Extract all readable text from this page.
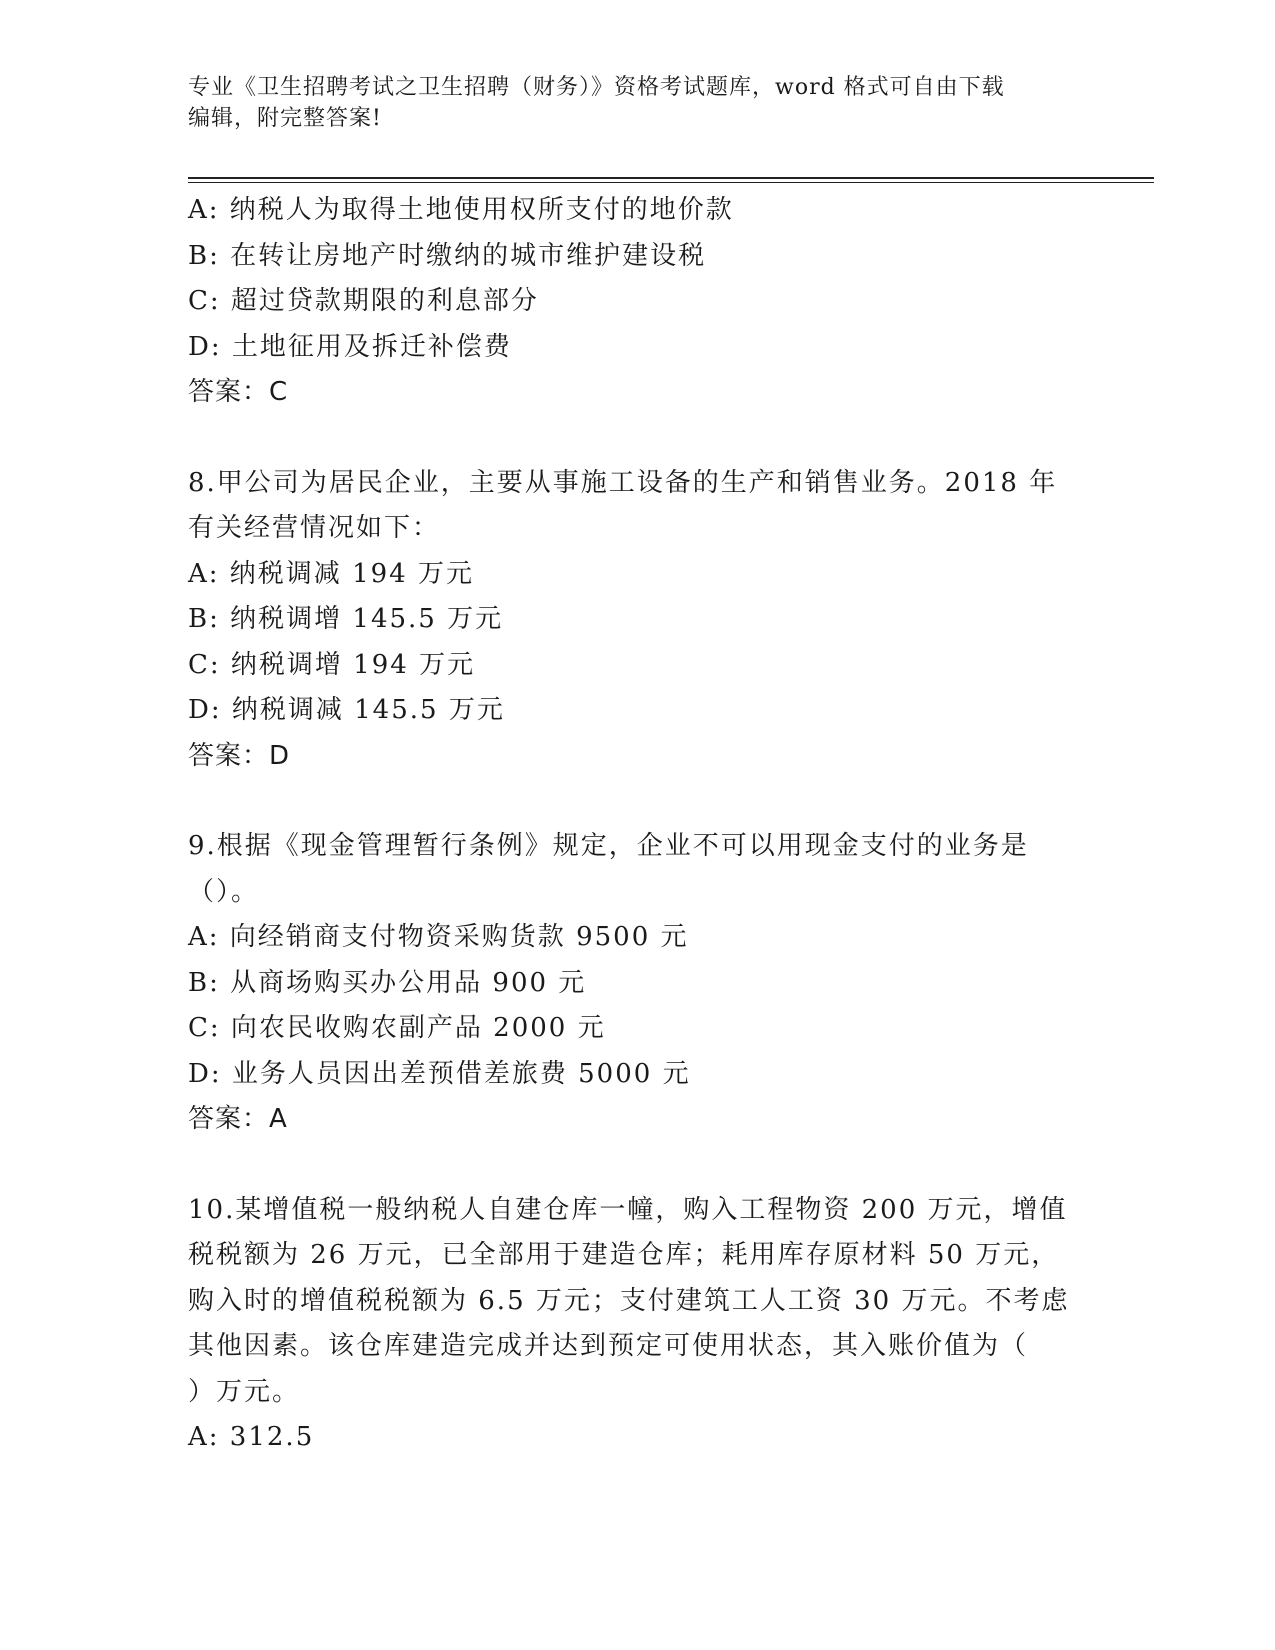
专业《卫生招聘考试之卫生招聘（财务）》资格考试题库，word 格式可自由下载
编辑，附完整答案!
A: 纳税人为取得土地使用权所支付的地价款
B: 在转让房地产时缴纳的城市维护建设税
C: 超过贷款期限的利息部分
D: 土地征用及拆迁补偿费
答案：C
8.甲公司为居民企业，主要从事施工设备的生产和销售业务。2018 年
有关经营情况如下：
A: 纳税调减 194 万元
B: 纳税调增 145.5 万元
C: 纳税调增 194 万元
D: 纳税调减 145.5 万元
答案：D
9.根据《现金管理暂行条例》规定，企业不可以用现金支付的业务是
（）。
A: 向经销商支付物资采购货款 9500 元
B: 从商场购买办公用品 900 元
C: 向农民收购农副产品 2000 元
D: 业务人员因出差预借差旅费 5000 元
答案：A
10.某增值税一般纳税人自建仓库一幢，购入工程物资 200 万元，增值
税税额为 26 万元，已全部用于建造仓库；耗用库存原材料 50 万元，
购入时的增值税税额为 6.5 万元；支付建筑工人工资 30 万元。不考虑
其他因素。该仓库建造完成并达到预定可使用状态，其入账价值为（
）万元。
A: 312.5
